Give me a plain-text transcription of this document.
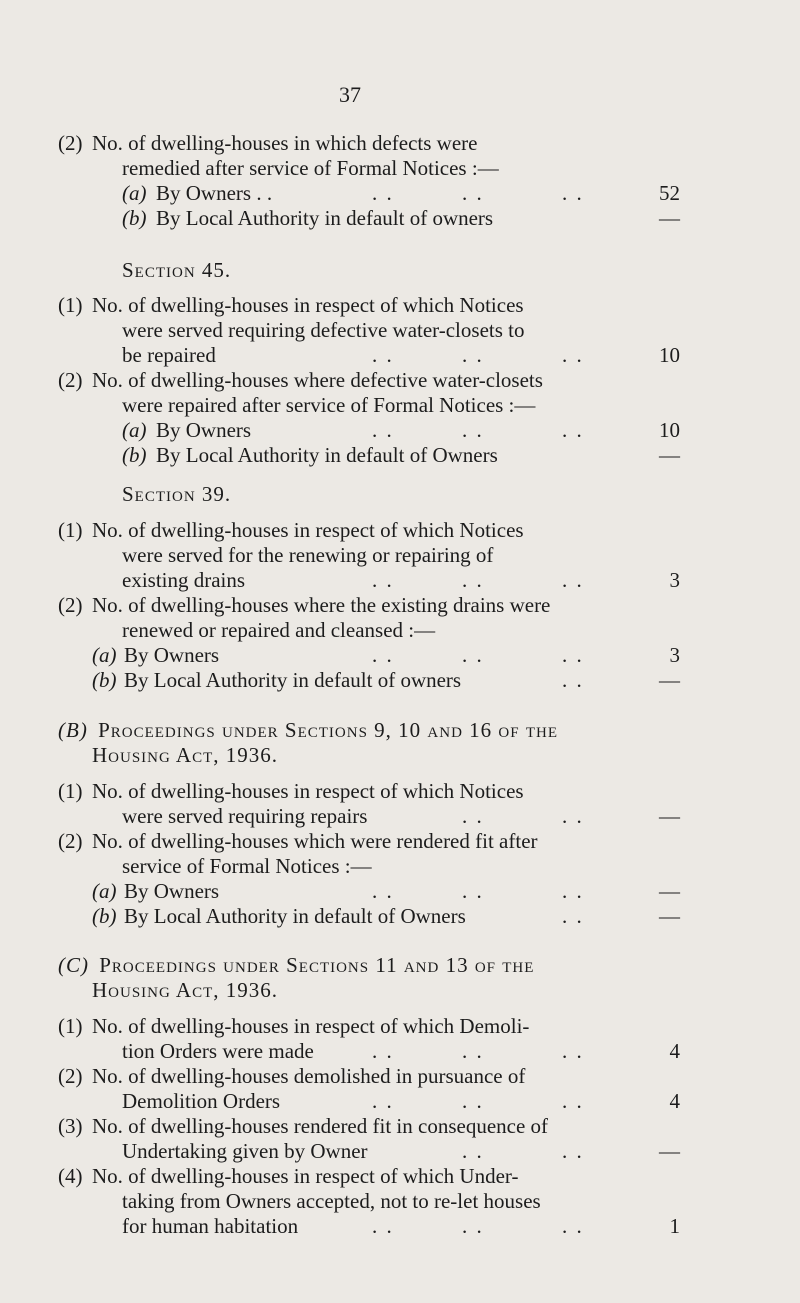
37
(2) No. of dwelling-houses in which defects were
remedied after service of Formal Notices :—
(a) By Owners . .	. .	. .	. .	52
(b) By Local Authority in default of owners	—
Section 45.
(1) No. of dwelling-houses in respect of which Notices
were served requiring defective water-closets to
be repaired	. .	. .	. .	10
(2) No. of dwelling-houses where defective water-closets
were repaired after service of Formal Notices :—
(a) By Owners	. .	. .	. .	10
(b) By Local Authority in default of Owners	—
Section 39.
(1) No. of dwelling-houses in respect of which Notices
were served for the renewing or repairing of
existing drains	. .	. .	. .	3
(2) No. of dwelling-houses where the existing drains were
renewed or repaired and cleansed :—
(a) By Owners	. .	. .	. .	3
(b) By Local Authority in default of owners	. .	—
(B) Proceedings under Sections 9, 10 and 16 of the
Housing Act, 1936.
(1) No. of dwelling-houses in respect of which Notices
were served requiring repairs	. .	. .	—
(2) No. of dwelling-houses which were rendered fit after
service of Formal Notices :—
(a) By Owners	. .	. .	. .	—
(b) By Local Authority in default of Owners	. .	—
(C) Proceedings under Sections 11 and 13 of the
Housing Act, 1936.
(1) No. of dwelling-houses in respect of which Demoli-
tion Orders were made	. .	. .	. .	4
(2) No. of dwelling-houses demolished in pursuance of
Demolition Orders	. .	. .	. .	4
(3) No. of dwelling-houses rendered fit in consequence of
Undertaking given by Owner	. .	. .	—
(4) No. of dwelling-houses in respect of which Under-
taking from Owners accepted, not to re-let houses
for human habitation	. .	. .	. .	1
